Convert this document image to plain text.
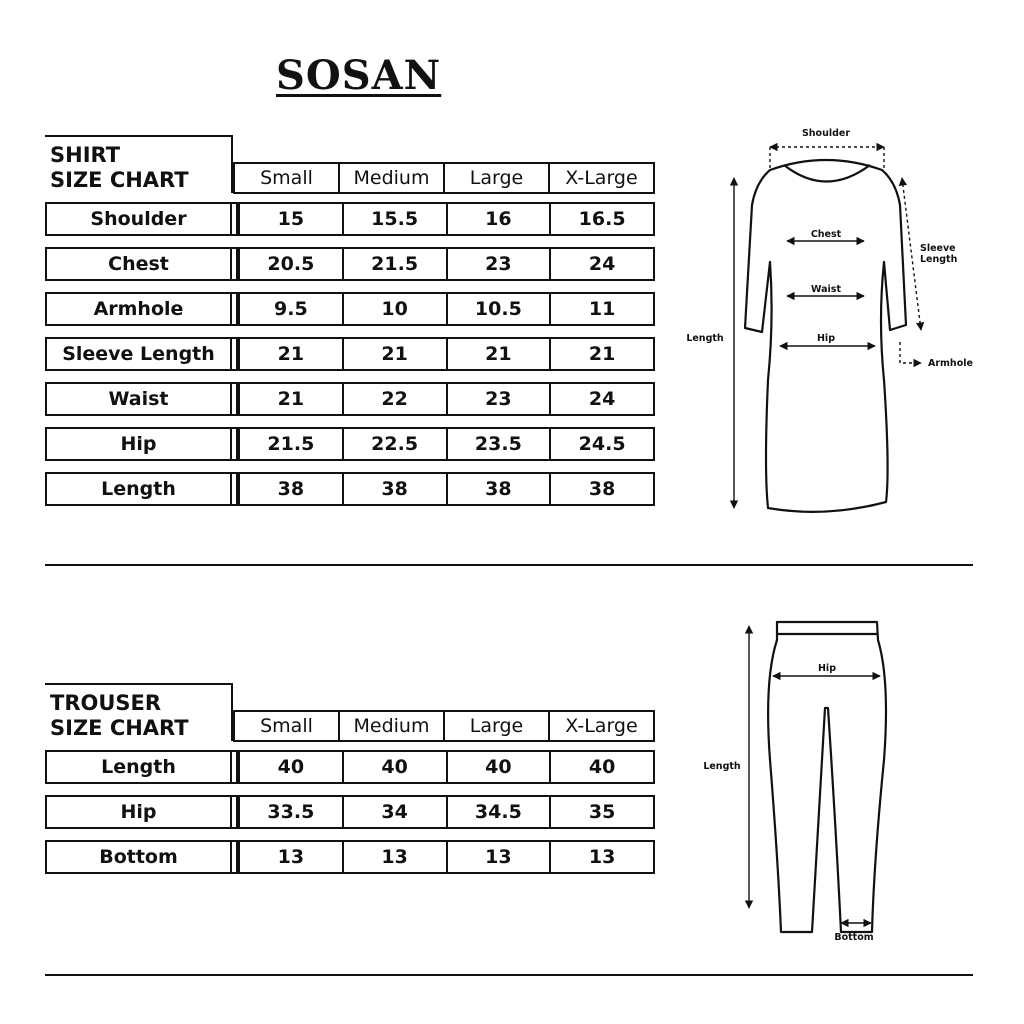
SOSAN
SHIRT
SIZE CHART	Small	Medium	Large	X-Large
Shoulder	15	15.5	16	16.5
Chest	20.5	21.5	23	24
Armhole	9.5	10	10.5	11
Sleeve Length	21	21	21	21
Waist	21	22	23	24
Hip	21.5	22.5	23.5	24.5
Length	38	38	38	38
TROUSER
SIZE CHART	Small	Medium	Large	X-Large
Length	40	40	40	40
Hip	33.5	34	34.5	35
Bottom	13	13	13	13
Shoulder
Chest
Waist
Hip
Length
Sleeve
Length
Armhole
Hip
Length
Bottom
